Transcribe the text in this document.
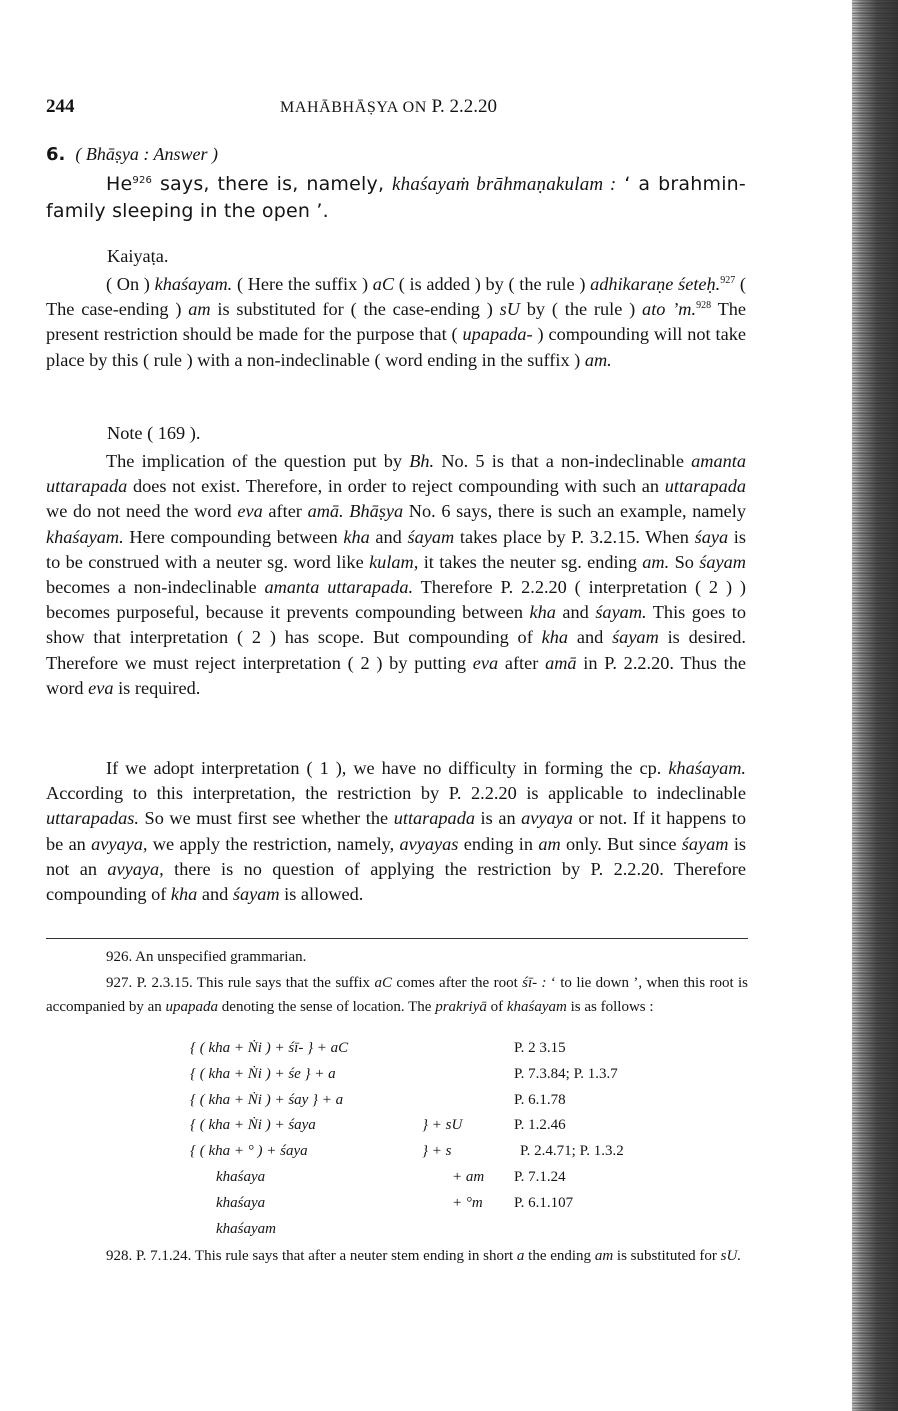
244	MAHĀBHĀṢYA ON P. 2.2.20
6. ( Bhāṣya : Answer )

He$^{926}$ says, there is, namely, khaśayaṁ brāhmaṇakulam : ‘ a brahmin-family sleeping in the open ’.

Kaiyaṭa.

( On ) khaśayam. ( Here the suffix ) aC ( is added ) by ( the rule ) adhikaraṇe śeteḥ.$^{927}$ ( The case-ending ) am is substituted for ( the case-ending ) sU by ( the rule ) ato ’m.$^{928}$ The present restriction should be made for the purpose that ( upapada- ) compounding will not take place by this ( rule ) with a non-indeclinable ( word ending in the suffix ) am.

Note ( 169 ).

The implication of the question put by Bh. No. 5 is that a non-indeclinable amanta uttarapada does not exist. Therefore, in order to reject compounding with such an uttarapada we do not need the word eva after amā. Bhāṣya No. 6 says, there is such an example, namely khaśayam. Here compounding between kha and śayam takes place by P. 3.2.15. When śaya is to be construed with a neuter sg. word like kulam, it takes the neuter sg. ending am. So śayam becomes a non-indeclinable amanta uttarapada. Therefore P. 2.2.20 ( interpretation ( 2 ) ) becomes purposeful, because it prevents compounding between kha and śayam. This goes to show that interpretation ( 2 ) has scope. But compounding of kha and śayam is desired. Therefore we must reject interpretation ( 2 ) by putting eva after amā in P. 2.2.20. Thus the word eva is required.

If we adopt interpretation ( 1 ), we have no difficulty in forming the cp. khaśayam. According to this interpretation, the restriction by P. 2.2.20 is applicable to indeclinable uttarapadas. So we must first see whether the uttarapada is an avyaya or not. If it happens to be an avyaya, we apply the restriction, namely, avyayas ending in am only. But since śayam is not an avyaya, there is no question of applying the restriction by P. 2.2.20. Therefore compounding of kha and śayam is allowed.

926. An unspecified grammarian.

927. P. 2.3.15. This rule says that the suffix aC comes after the root śī- : ‘ to lie down ’, when this root is accompanied by an upapada denoting the sense of location. The prakriyā of khaśayam is as follows :

{ ( kha + Ṅi ) + śī- } + aC	P. 2 3.15
{ ( kha + Ṅi ) + śe } + a	P. 7.3.84; P. 1.3.7
{ ( kha + Ṅi ) + śay } + a	P. 6.1.78
{ ( kha + Ṅi ) + śaya	} + sU	P. 1.2.46
{ ( kha + ° ) + śaya	} + s	P. 2.4.71; P. 1.3.2
khaśaya	+ am P. 7.1.24
khaśaya	+ °m P. 6.1.107
khaśayam

928. P. 7.1.24. This rule says that after a neuter stem ending in short a the ending am is substituted for sU.
